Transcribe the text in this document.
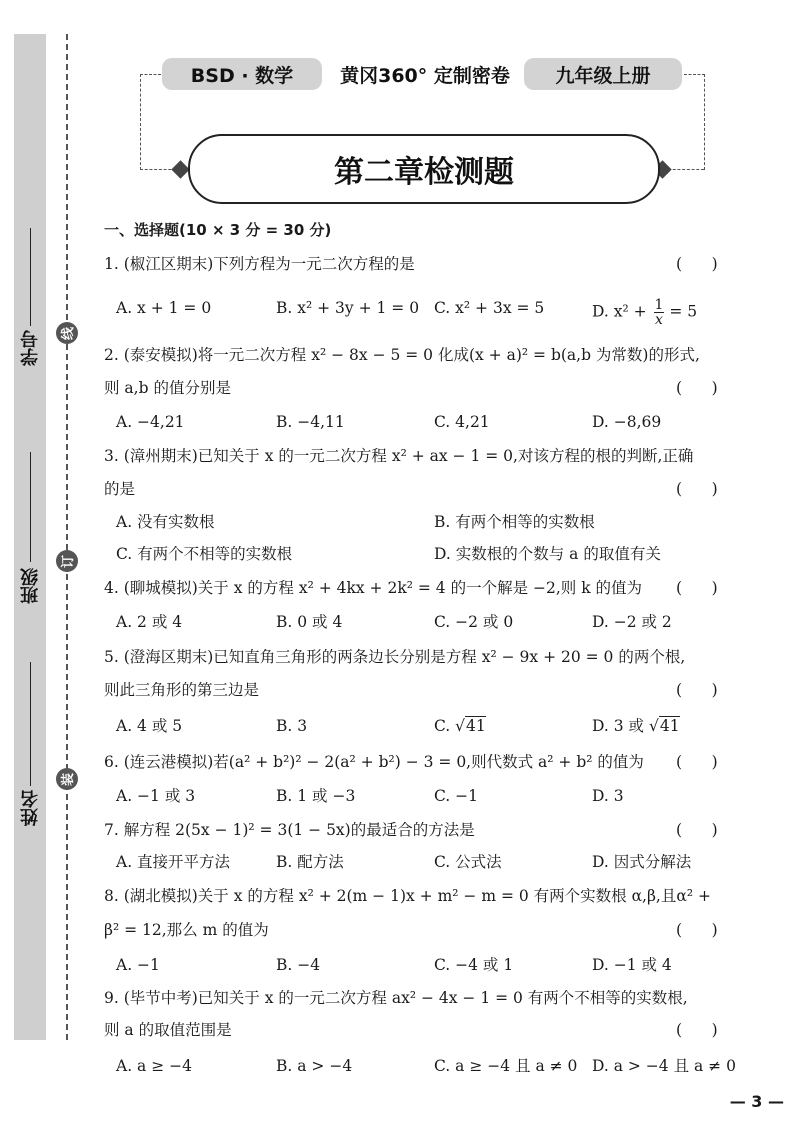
学号
班级
姓名
线
订
装
BSD · 数学	黄冈360° 定制密卷	九年级上册
第二章检测题
一、选择题(10 × 3 分 = 30 分)
1. (椒江区期末)下列方程为一元二次方程的是	(      )
A. x + 1 = 0	B. x² + 3y + 1 = 0 C. x² + 3x = 5	D. $x^2 + \frac{1}{x} = 5$
2. (泰安模拟)将一元二次方程 x² − 8x − 5 = 0 化成(x + a)² = b(a,b 为常数)的形式,
则 a,b 的值分别是	(      )
A. −4,21	B. −4,11	C. 4,21	D. −8,69
3. (漳州期末)已知关于 x 的一元二次方程 x² + ax − 1 = 0,对该方程的根的判断,正确
的是	(      )
A. 没有实数根	B. 有两个相等的实数根
C. 有两个不相等的实数根	D. 实数根的个数与 a 的取值有关
4. (聊城模拟)关于 x 的方程 x² + 4kx + 2k² = 4 的一个解是 −2,则 k 的值为 (      )
A. 2 或 4	B. 0 或 4	C. −2 或 0	D. −2 或 2
5. (澄海区期末)已知直角三角形的两条边长分别是方程 x² − 9x + 20 = 0 的两个根,
则此三角形的第三边是	(      )
A. 4 或 5	B. 3	C. √41	D. 3 或 √41
6. (连云港模拟)若(a² + b²)² − 2(a² + b²) − 3 = 0,则代数式 a² + b² 的值为 (      )
A. −1 或 3	B. 1 或 −3	C. −1	D. 3
7. 解方程 2(5x − 1)² = 3(1 − 5x)的最适合的方法是	(      )
A. 直接开平方法	B. 配方法	C. 公式法	D. 因式分解法
8. (湖北模拟)关于 x 的方程 x² + 2(m − 1)x + m² − m = 0 有两个实数根 α,β,且α² +
β² = 12,那么 m 的值为	(      )
A. −1	B. −4	C. −4 或 1	D. −1 或 4
9. (毕节中考)已知关于 x 的一元二次方程 ax² − 4x − 1 = 0 有两个不相等的实数根,
则 a 的取值范围是	(      )
A. a ≥ −4	B. a > −4	C. a ≥ −4 且 a ≠ 0 D. a > −4 且 a ≠ 0
— 3 —
